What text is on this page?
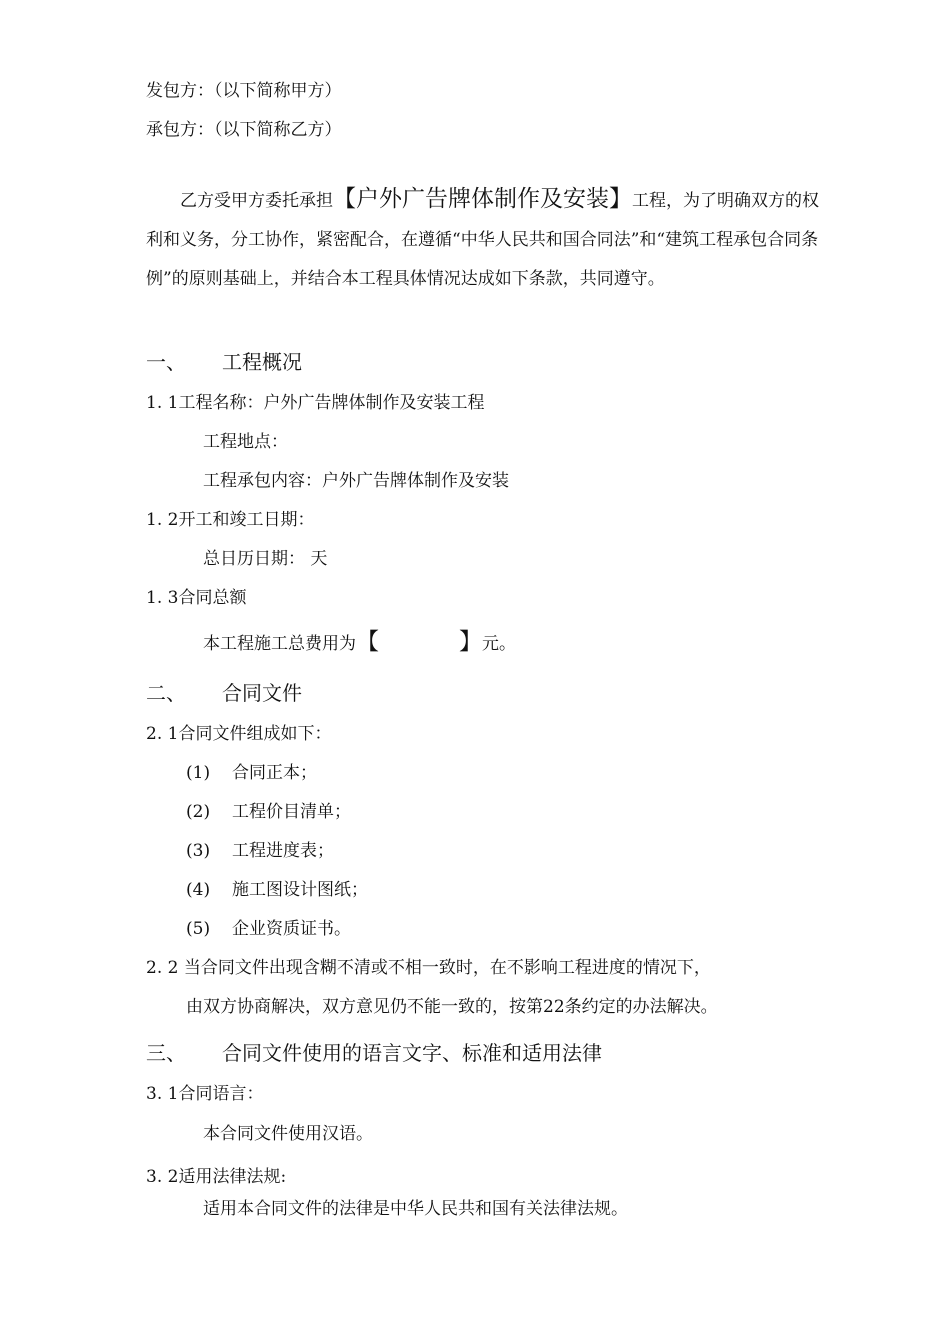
发包方：（以下简称甲方）
承包方：（以下简称乙方）
乙方受甲方委托承担【户外广告牌体制作及安装】工程，为了明确双方的权利和义务，分工协作，紧密配合，在遵循“中华人民共和国合同法”和“建筑工程承包合同条例”的原则基础上，并结合本工程具体情况达成如下条款，共同遵守。
一、 工程概况
1. 1工程名称：户外广告牌体制作及安装工程
工程地点：
工程承包内容：户外广告牌体制作及安装
1. 2开工和竣工日期：
总日历日期： 天
1. 3合同总额
本工程施工总费用为【	】元。
二、 合同文件
2. 1合同文件组成如下：
(1) 合同正本；
(2) 工程价目清单；
(3) 工程进度表；
(4) 施工图设计图纸；
(5) 企业资质证书。
2. 2 当合同文件出现含糊不清或不相一致时，在不影响工程进度的情况下，
由双方协商解决，双方意见仍不能一致的，按第22条约定的办法解决。
三、 合同文件使用的语言文字、标准和适用法律
3. 1合同语言：
本合同文件使用汉语。
3. 2适用法律法规:
适用本合同文件的法律是中华人民共和国有关法律法规。
